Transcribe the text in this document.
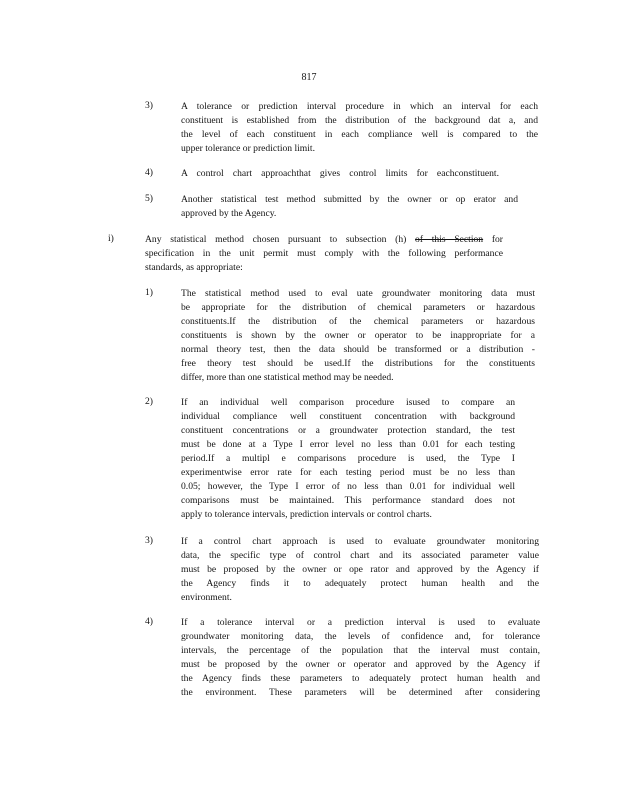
817
3)	A tolerance or prediction interval procedure in which an interval for each
constituent is established from the distribution of the background dat a, and
the level of each constituent in each compliance well is compared to the
upper tolerance or prediction limit.
4)	A control chart approachthat gives control limits for eachconstituent.
5)	Another statistical test method submitted by the owner or op erator and
approved by the Agency.
i)	Any statistical method chosen pursuant to subsection (h) of this Section for
specification in the unit permit must comply with the following performance
standards, as appropriate:
1)	The statistical method used to eval uate groundwater monitoring data must
be appropriate for the distribution of chemical parameters or hazardous
constituents.If the distribution of the chemical parameters or hazardous
constituents is shown by the owner or operator to be inappropriate for a
normal theory test, then the data should be transformed or a distribution -
free theory test should be used.If the distributions for the constituents
differ, more than one statistical method may be needed.
2)	If an individual well comparison procedure isused to compare an
individual compliance well constituent concentration with background
constituent concentrations or a groundwater protection standard, the test
must be done at a Type I error level no less than 0.01 for each testing
period.If a multipl e comparisons procedure is used, the Type I
experimentwise error rate for each testing period must be no less than
0.05; however, the Type I error of no less than 0.01 for individual well
comparisons must be maintained. This performance standard does not
apply to tolerance intervals, prediction intervals or control charts.
3)	If a control chart approach is used to evaluate groundwater monitoring
data, the specific type of control chart and its associated parameter value
must be proposed by the owner or ope rator and approved by the Agency if
the Agency finds it to adequately protect human health and the
environment.
4)	If a tolerance interval or a prediction interval is used to evaluate
groundwater monitoring data, the levels of confidence and, for tolerance
intervals, the percentage of the population that the interval must contain,
must be proposed by the owner or operator and approved by the Agency if
the Agency finds these parameters to adequately protect human health and
the environment. These parameters will be determined after considering
